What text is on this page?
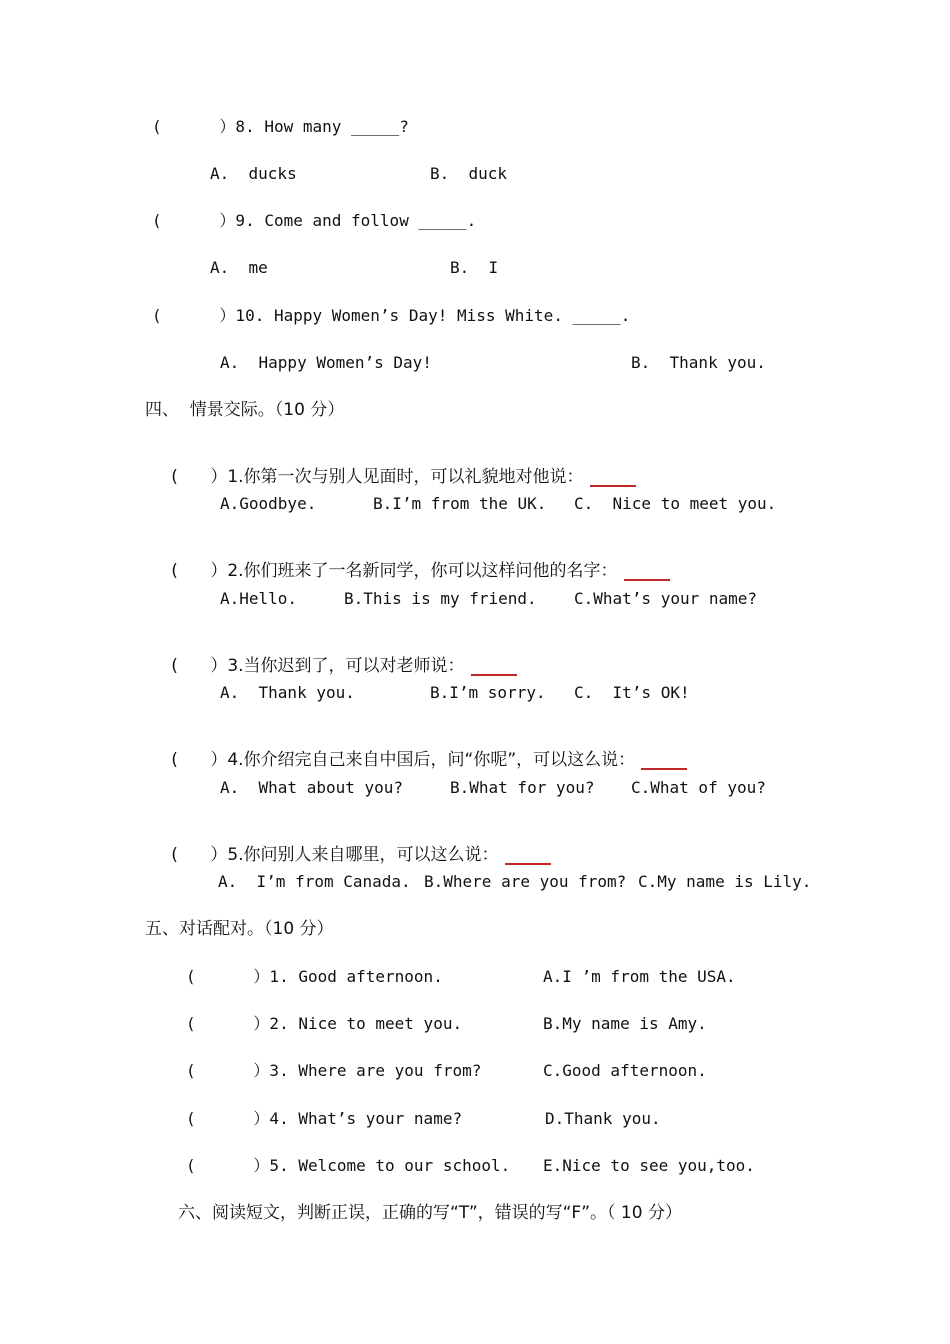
(      ）8. How many _____?
A.  ducks	B.  duck
(      ）9. Come and follow _____.
A.  me	B.  I
(      ）10. Happy Women’s Day! Miss White. _____.
A.  Happy Women’s Day!	B.  Thank you.
四、  情景交际。（10 分）

(      ）1.你第一次与别人见面时，可以礼貌地对他说：

A.Goodbye.	B.I’m from the UK. C.  Nice to meet you.

(      ）2.你们班来了一名新同学，你可以这样问他的名字：

A.Hello.	B.This is my friend. C.What’s your name?

(      ）3.当你迟到了，可以对老师说：

A.  Thank you.	B.I’m sorry. C.  It’s OK!

(      ）4.你介绍完自己来自中国后，问“你呢”，可以这么说：

A.  What about you?	B.What for you? C.What of you?

(      ）5.你问别人来自哪里，可以这么说：

A.  I’m from Canada. B.Where are you from? C.My name is Lily.
五、对话配对。（10 分）
(      ）1. Good afternoon.	A.I ’m from the USA.
(      ）2. Nice to meet you.	B.My name is Amy.
(      ）3. Where are you from?	C.Good afternoon.
(      ）4. What’s your name?	D.Thank you.
(      ）5. Welcome to our school. E.Nice to see you,too.
六、阅读短文，判断正误，正确的写“T”，错误的写“F”。（ 10 分）
